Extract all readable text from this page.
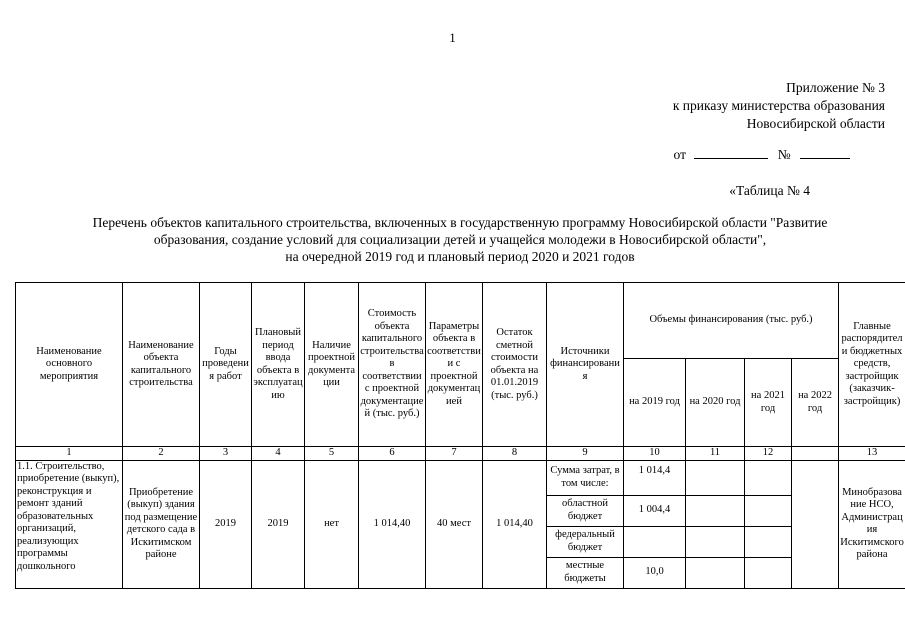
1
Приложение № 3
к приказу министерства образования
Новосибирской области
от	№
«Таблица № 4
Перечень объектов капитального строительства, включенных в государственную программу Новосибирской области "Развитие
образования, создание условий для социализации детей и учащейся молодежи в Новосибирской области",
на очередной 2019 год и плановый период 2020 и 2021 годов
Наименование основного мероприятия	Наименование объекта капитального строительства	Годы проведения работ	Плановый период ввода объекта в эксплуатацию	Наличие проектной документации	Стоимость объекта капитального строительства в соответствии с проектной документацией (тыс. руб.)	Параметры объекта в соответствии с проектной документацией	Остаток сметной стоимости объекта на 01.01.2019 (тыс. руб.)	Источники финансирования	Объемы финансирования (тыс. руб.)				Главные распорядители бюджетных средств, застройщик (заказчик-застройщик)
									на 2019 год	на 2020 год	на 2021 год	на 2022 год	
1	2	3	4	5	6	7	8	9	10	11	12		13
1.1. Строительство, приобретение (выкуп), реконструкция и ремонт зданий образовательных организаций, реализующих программы дошкольного	Приобретение (выкуп) здания под размещение детского сада в Искитимском районе	2019	2019	нет	1 014,40	40 мест	1 014,40	Сумма затрат, в том числе:	1 014,4				Минобразование НСО, Администрация Искитимского района
								областной бюджет	1 004,4				
								федеральный бюджет					
								местные бюджеты	10,0				
